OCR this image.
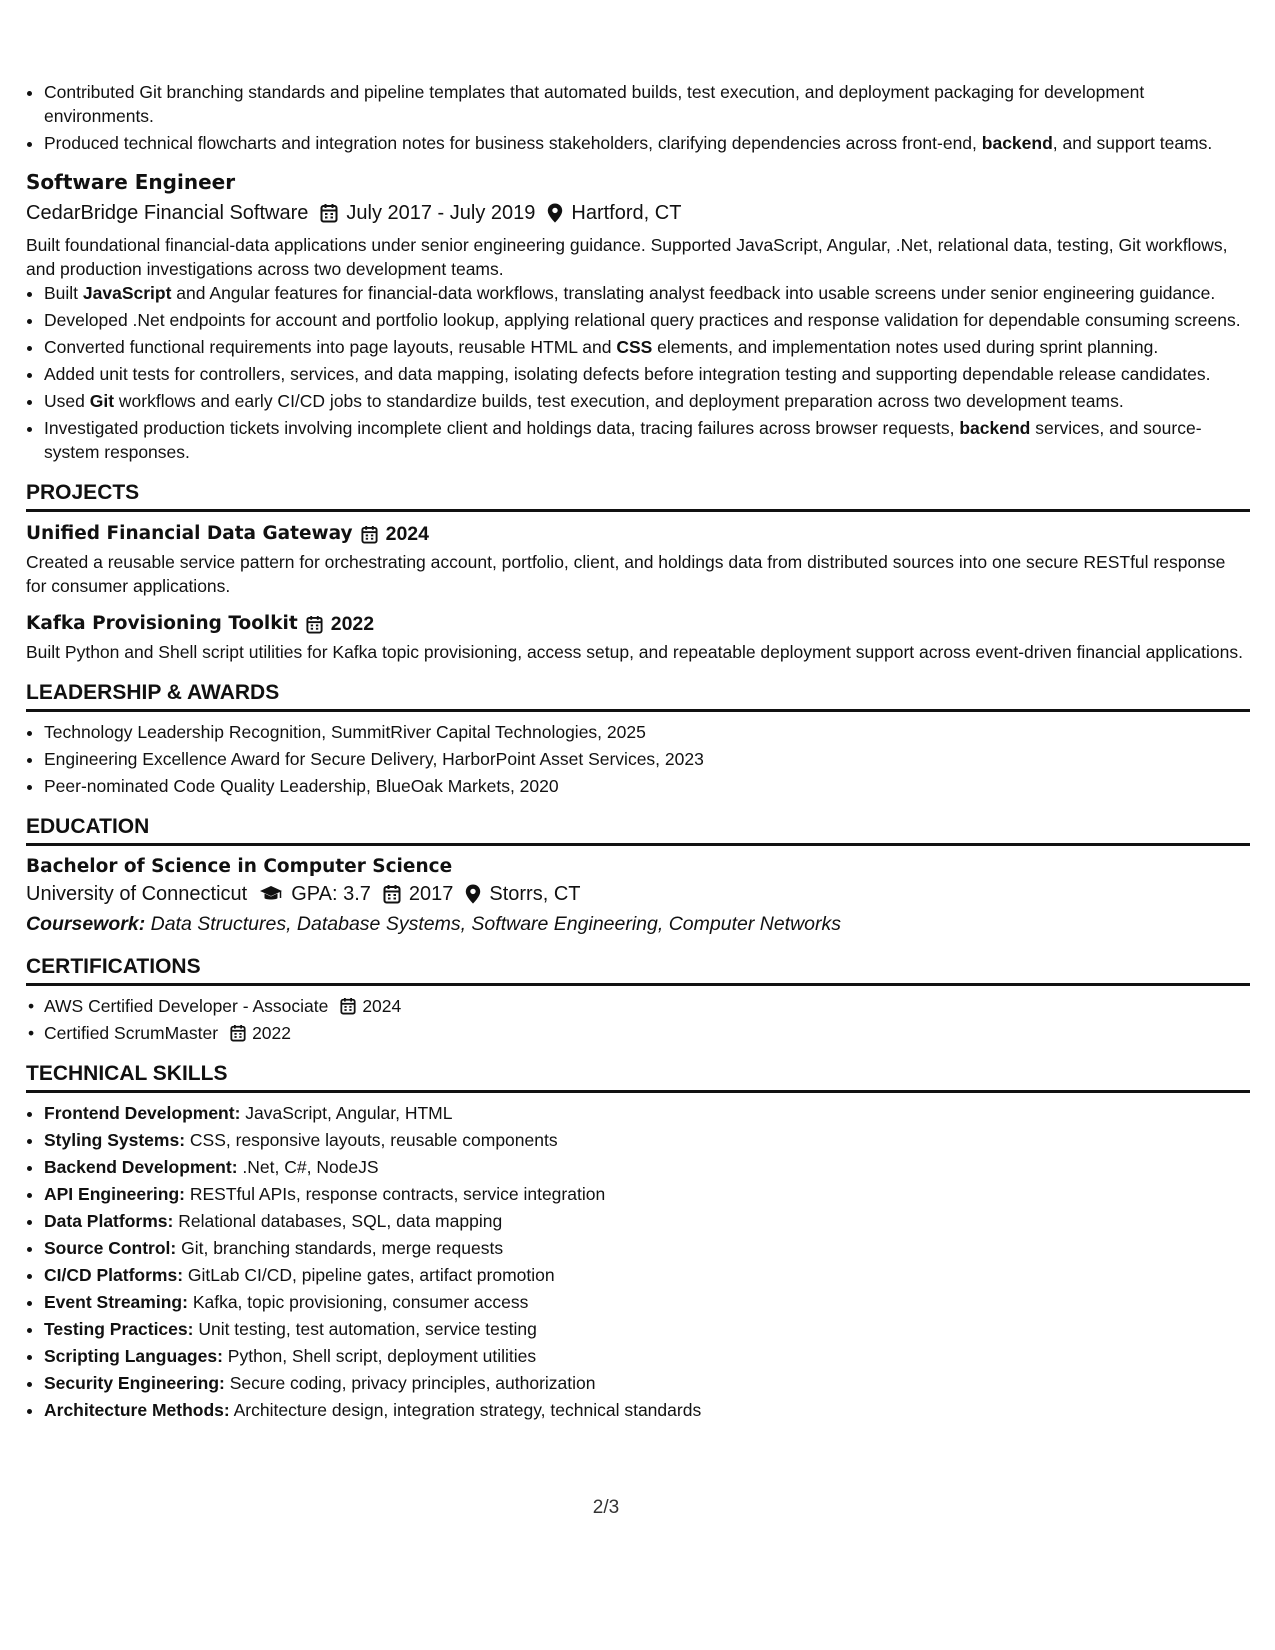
• Contributed Git branching standards and pipeline templates that automated builds, test execution, and deployment packaging for development environments.
• Produced technical flowcharts and integration notes for business stakeholders, clarifying dependencies across front-end, backend, and support teams.
Software Engineer
CedarBridge Financial Software July 2017 - July 2019 Hartford, CT
Built foundational financial-data applications under senior engineering guidance. Supported JavaScript, Angular, .Net, relational data, testing, Git workflows, and production investigations across two development teams.
• Built JavaScript and Angular features for financial-data workflows, translating analyst feedback into usable screens under senior engineering guidance.
• Developed .Net endpoints for account and portfolio lookup, applying relational query practices and response validation for dependable consuming screens.
• Converted functional requirements into page layouts, reusable HTML and CSS elements, and implementation notes used during sprint planning.
• Added unit tests for controllers, services, and data mapping, isolating defects before integration testing and supporting dependable release candidates.
• Used Git workflows and early CI/CD jobs to standardize builds, test execution, and deployment preparation across two development teams.
• Investigated production tickets involving incomplete client and holdings data, tracing failures across browser requests, backend services, and source-system responses.
PROJECTS
Unified Financial Data Gateway 2024
Created a reusable service pattern for orchestrating account, portfolio, client, and holdings data from distributed sources into one secure RESTful response for consumer applications.
Kafka Provisioning Toolkit 2022
Built Python and Shell script utilities for Kafka topic provisioning, access setup, and repeatable deployment support across event-driven financial applications.
LEADERSHIP & AWARDS
• Technology Leadership Recognition, SummitRiver Capital Technologies, 2025
• Engineering Excellence Award for Secure Delivery, HarborPoint Asset Services, 2023
• Peer-nominated Code Quality Leadership, BlueOak Markets, 2020
EDUCATION
Bachelor of Science in Computer Science
University of Connecticut GPA: 3.7 2017 Storrs, CT
Coursework: Data Structures, Database Systems, Software Engineering, Computer Networks
CERTIFICATIONS
• AWS Certified Developer - Associate 2024
• Certified ScrumMaster 2022
TECHNICAL SKILLS
• Frontend Development: JavaScript, Angular, HTML
• Styling Systems: CSS, responsive layouts, reusable components
• Backend Development: .Net, C#, NodeJS
• API Engineering: RESTful APIs, response contracts, service integration
• Data Platforms: Relational databases, SQL, data mapping
• Source Control: Git, branching standards, merge requests
• CI/CD Platforms: GitLab CI/CD, pipeline gates, artifact promotion
• Event Streaming: Kafka, topic provisioning, consumer access
• Testing Practices: Unit testing, test automation, service testing
• Scripting Languages: Python, Shell script, deployment utilities
• Security Engineering: Secure coding, privacy principles, authorization
• Architecture Methods: Architecture design, integration strategy, technical standards
2/3
